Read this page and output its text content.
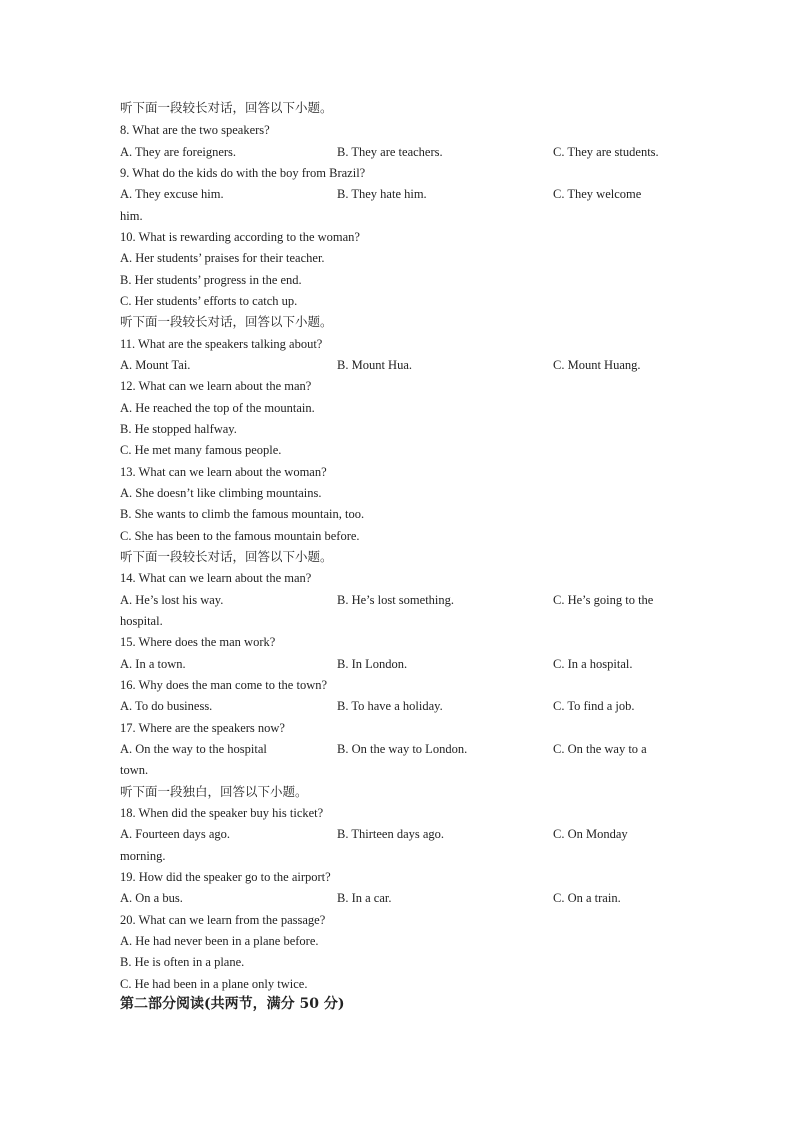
听下面一段较长对话，回答以下小题。
8. What are the two speakers?
A. They are foreigners.	B. They are teachers.	C. They are students.
9. What do the kids do with the boy from Brazil?
A. They excuse him.	B. They hate him.	C. They welcome
him.
10. What is rewarding according to the woman?
A. Her students’ praises for their teacher.
B. Her students’ progress in the end.
C. Her students’ efforts to catch up.
听下面一段较长对话，回答以下小题。
11. What are the speakers talking about?
A. Mount Tai.	B. Mount Hua.	C. Mount Huang.
12. What can we learn about the man?
A. He reached the top of the mountain.
B. He stopped halfway.
C. He met many famous people.
13. What can we learn about the woman?
A. She doesn’t like climbing mountains.
B. She wants to climb the famous mountain, too.
C. She has been to the famous mountain before.
听下面一段较长对话，回答以下小题。
14. What can we learn about the man?
A. He’s lost his way.	B. He’s lost something.	C. He’s going to the
hospital.
15. Where does the man work?
A. In a town.	B. In London.	C. In a hospital.
16. Why does the man come to the town?
A. To do business.	B. To have a holiday.	C. To find a job.
17. Where are the speakers now?
A. On the way to the hospital	B. On the way to London.	C. On the way to a
town.
听下面一段独白，回答以下小题。
18. When did the speaker buy his ticket?
A. Fourteen days ago.	B. Thirteen days ago.	C. On Monday
morning.
19. How did the speaker go to the airport?
A. On a bus.	B. In a car.	C. On a train.
20. What can we learn from the passage?
A. He had never been in a plane before.
B. He is often in a plane.
C. He had been in a plane only twice.
第二部分阅读(共两节，满分 50 分)
